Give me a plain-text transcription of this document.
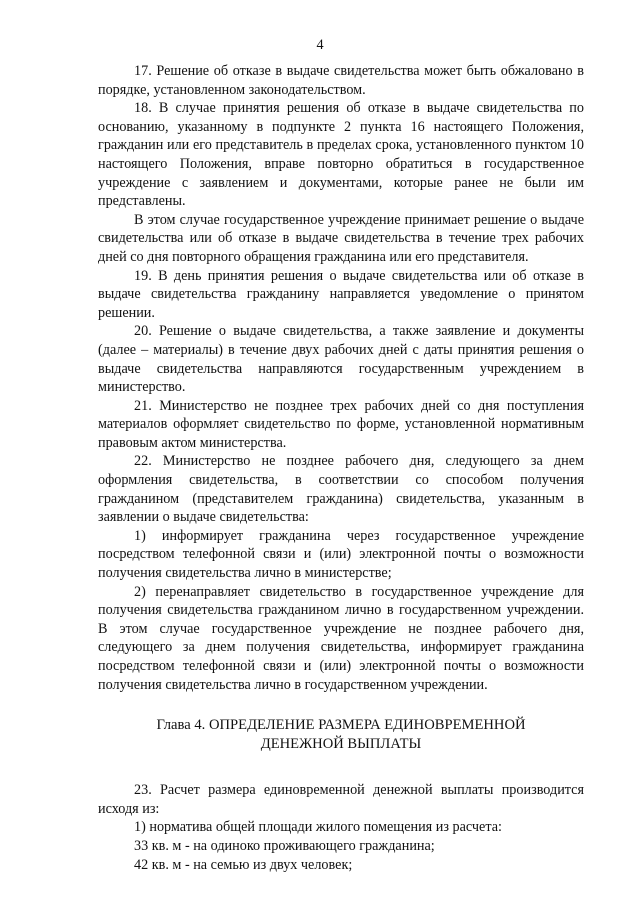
4

17. Решение об отказе в выдаче свидетельства может быть обжаловано в порядке, установленном законодательством.

18. В случае принятия решения об отказе в выдаче свидетельства по основанию, указанному в подпункте 2 пункта 16 настоящего Положения, гражданин или его представитель в пределах срока, установленного пунктом 10 настоящего Положения, вправе повторно обратиться в государственное учреждение с заявлением и документами, которые ранее не были им представлены.

В этом случае государственное учреждение принимает решение о выдаче свидетельства или об отказе в выдаче свидетельства в течение трех рабочих дней со дня повторного обращения гражданина или его представителя.

19. В день принятия решения о выдаче свидетельства или об отказе в выдаче свидетельства гражданину направляется уведомление о принятом решении.

20. Решение о выдаче свидетельства, а также заявление и документы (далее – материалы) в течение двух рабочих дней с даты принятия решения о выдаче свидетельства направляются государственным учреждением в министерство.

21. Министерство не позднее трех рабочих дней со дня поступления материалов оформляет свидетельство по форме, установленной нормативным правовым актом министерства.

22. Министерство не позднее рабочего дня, следующего за днем оформления свидетельства, в соответствии со способом получения гражданином (представителем гражданина) свидетельства, указанным в заявлении о выдаче свидетельства:

1) информирует гражданина через государственное учреждение посредством телефонной связи и (или) электронной почты о возможности получения свидетельства лично в министерстве;

2) перенаправляет свидетельство в государственное учреждение для получения свидетельства гражданином лично в государственном учреждении. В этом случае государственное учреждение не позднее рабочего дня, следующего за днем получения свидетельства, информирует гражданина посредством телефонной связи и (или) электронной почты о возможности получения свидетельства лично в государственном учреждении.

Глава 4. ОПРЕДЕЛЕНИЕ РАЗМЕРА ЕДИНОВРЕМЕННОЙ ДЕНЕЖНОЙ ВЫПЛАТЫ

23. Расчет размера единовременной денежной выплаты производится исходя из:

1) норматива общей площади жилого помещения из расчета:

33 кв. м - на одиноко проживающего гражданина;

42 кв. м - на семью из двух человек;
